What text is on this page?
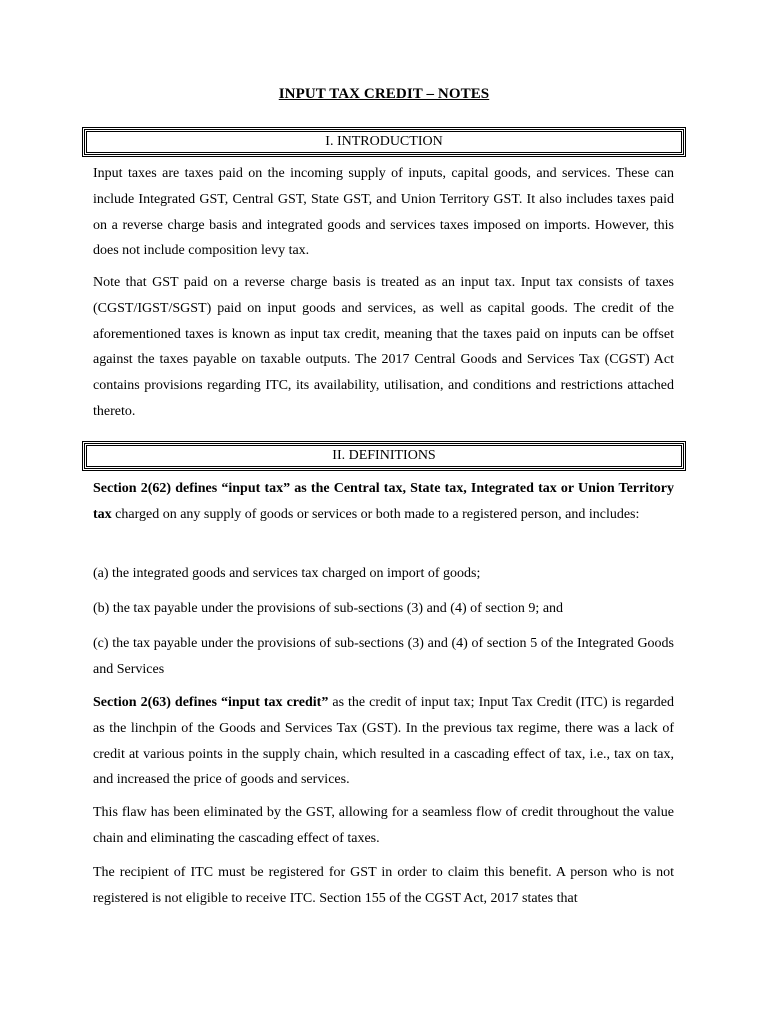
INPUT TAX CREDIT – NOTES
I. INTRODUCTION

Input taxes are taxes paid on the incoming supply of inputs, capital goods, and services. These can include Integrated GST, Central GST, State GST, and Union Territory GST. It also includes taxes paid on a reverse charge basis and integrated goods and services taxes imposed on imports. However, this does not include composition levy tax.

Note that GST paid on a reverse charge basis is treated as an input tax. Input tax consists of taxes (CGST/IGST/SGST) paid on input goods and services, as well as capital goods. The credit of the aforementioned taxes is known as input tax credit, meaning that the taxes paid on inputs can be offset against the taxes payable on taxable outputs. The 2017 Central Goods and Services Tax (CGST) Act contains provisions regarding ITC, its availability, utilisation, and conditions and restrictions attached thereto.

II. DEFINITIONS

Section 2(62) defines “input tax” as the Central tax, State tax, Integrated tax or Union Territory tax charged on any supply of goods or services or both made to a registered person, and includes:

(a) the integrated goods and services tax charged on import of goods;

(b) the tax payable under the provisions of sub-sections (3) and (4) of section 9; and

(c) the tax payable under the provisions of sub-sections (3) and (4) of section 5 of the Integrated Goods and Services

Section 2(63) defines “input tax credit” as the credit of input tax; Input Tax Credit (ITC) is regarded as the linchpin of the Goods and Services Tax (GST). In the previous tax regime, there was a lack of credit at various points in the supply chain, which resulted in a cascading effect of tax, i.e., tax on tax, and increased the price of goods and services.

This flaw has been eliminated by the GST, allowing for a seamless flow of credit throughout the value chain and eliminating the cascading effect of taxes.

The recipient of ITC must be registered for GST in order to claim this benefit. A person who is not registered is not eligible to receive ITC. Section 155 of the CGST Act, 2017 states that
